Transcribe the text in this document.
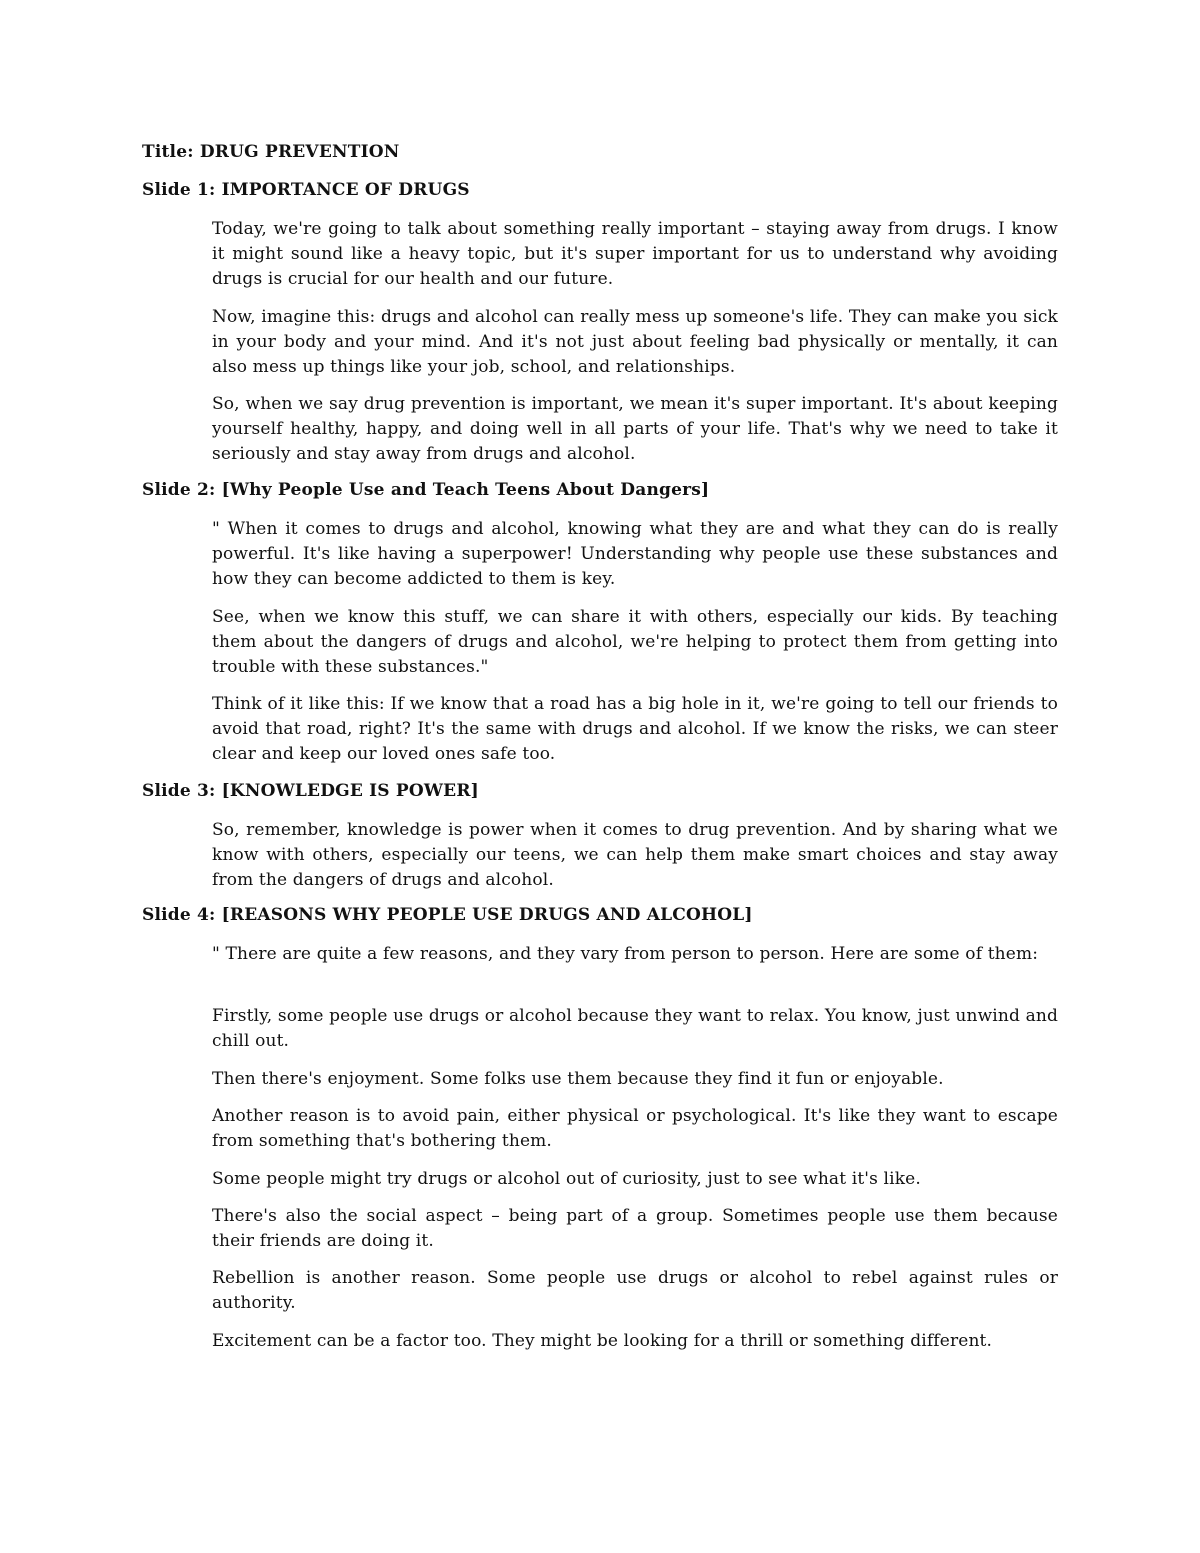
Title: DRUG PREVENTION
Slide 1: IMPORTANCE OF DRUGS
Today, we're going to talk about something really important – staying away from drugs. I know it might sound like a heavy topic, but it's super important for us to understand why avoiding drugs is crucial for our health and our future.
Now, imagine this: drugs and alcohol can really mess up someone's life. They can make you sick in your body and your mind. And it's not just about feeling bad physically or mentally, it can also mess up things like your job, school, and relationships.
So, when we say drug prevention is important, we mean it's super important. It's about keeping yourself healthy, happy, and doing well in all parts of your life. That's why we need to take it seriously and stay away from drugs and alcohol.
Slide 2: [Why People Use and Teach Teens About Dangers]
" When it comes to drugs and alcohol, knowing what they are and what they can do is really powerful. It's like having a superpower! Understanding why people use these substances and how they can become addicted to them is key.
See, when we know this stuff, we can share it with others, especially our kids. By teaching them about the dangers of drugs and alcohol, we're helping to protect them from getting into trouble with these substances."
Think of it like this: If we know that a road has a big hole in it, we're going to tell our friends to avoid that road, right? It's the same with drugs and alcohol. If we know the risks, we can steer clear and keep our loved ones safe too.
Slide 3: [KNOWLEDGE IS POWER]
So, remember, knowledge is power when it comes to drug prevention. And by sharing what we know with others, especially our teens, we can help them make smart choices and stay away from the dangers of drugs and alcohol.
Slide 4: [REASONS WHY PEOPLE USE DRUGS AND ALCOHOL]
" There are quite a few reasons, and they vary from person to person. Here are some of them:
Firstly, some people use drugs or alcohol because they want to relax. You know, just unwind and chill out.
Then there's enjoyment. Some folks use them because they find it fun or enjoyable.
Another reason is to avoid pain, either physical or psychological. It's like they want to escape from something that's bothering them.
Some people might try drugs or alcohol out of curiosity, just to see what it's like.
There's also the social aspect – being part of a group. Sometimes people use them because their friends are doing it.
Rebellion is another reason. Some people use drugs or alcohol to rebel against rules or authority.
Excitement can be a factor too. They might be looking for a thrill or something different.
